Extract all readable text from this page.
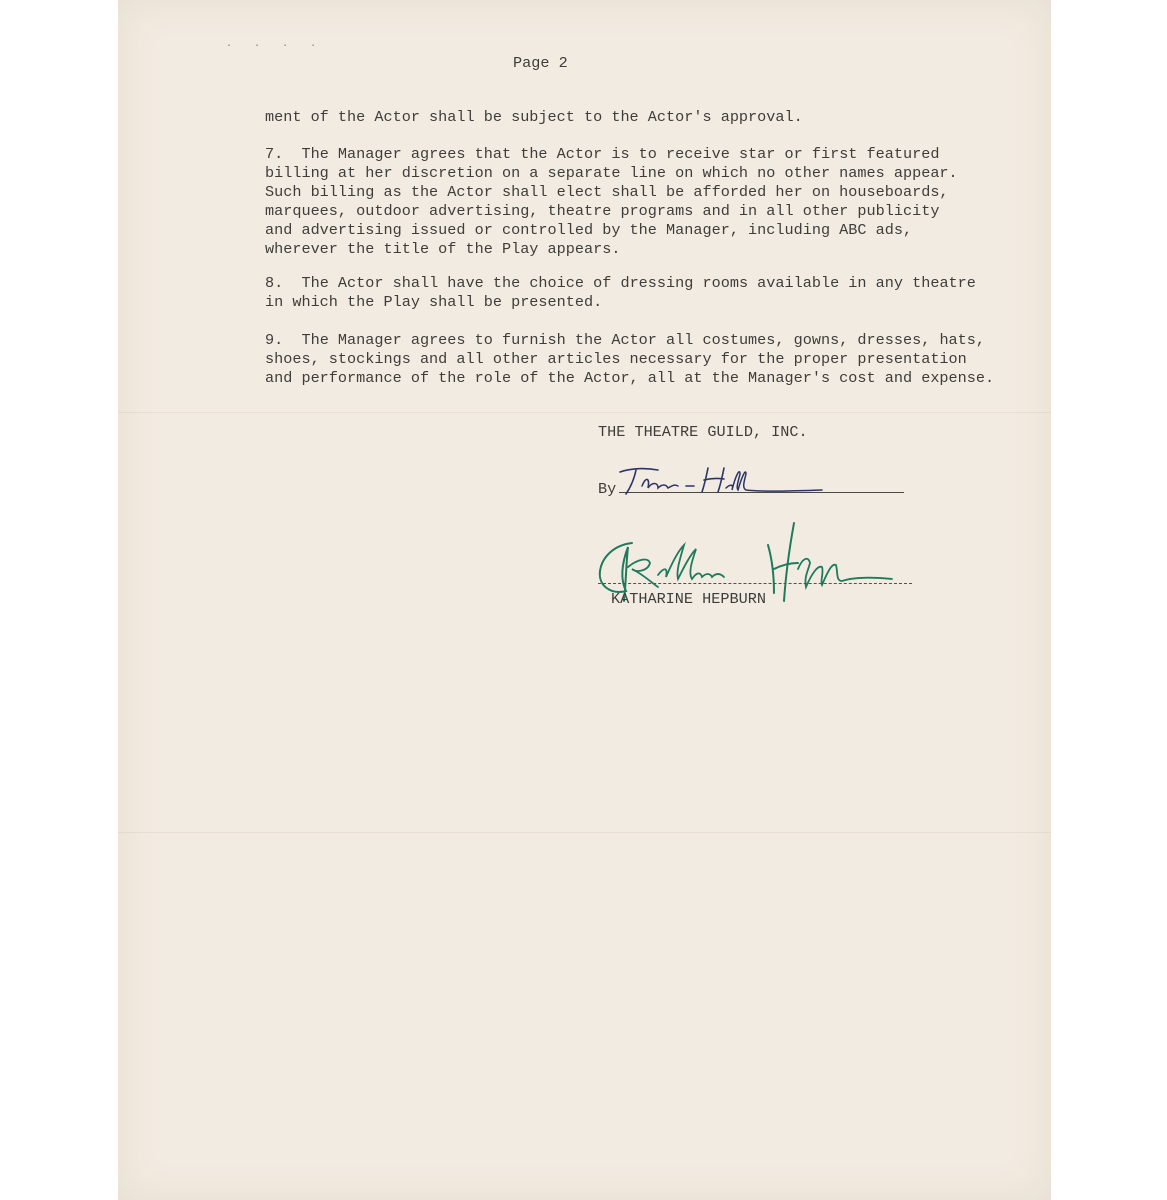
. . . .

Page 2

ment of the Actor shall be subject to the Actor's approval.

7. The Manager agrees that the Actor is to receive star or first featured
billing at her discretion on a separate line on which no other names appear.
Such billing as the Actor shall elect shall be afforded her on houseboards,
marquees, outdoor advertising, theatre programs and in all other publicity
and advertising issued or controlled by the Manager, including ABC ads,
wherever the title of the Play appears.

8. The Actor shall have the choice of dressing rooms available in any theatre
in which the Play shall be presented.

9. The Manager agrees to furnish the Actor all costumes, gowns, dresses, hats,
shoes, stockings and all other articles necessary for the proper presentation
and performance of the role of the Actor, all at the Manager's cost and expense.

THE THEATRE GUILD, INC.

By

KATHARINE HEPBURN
